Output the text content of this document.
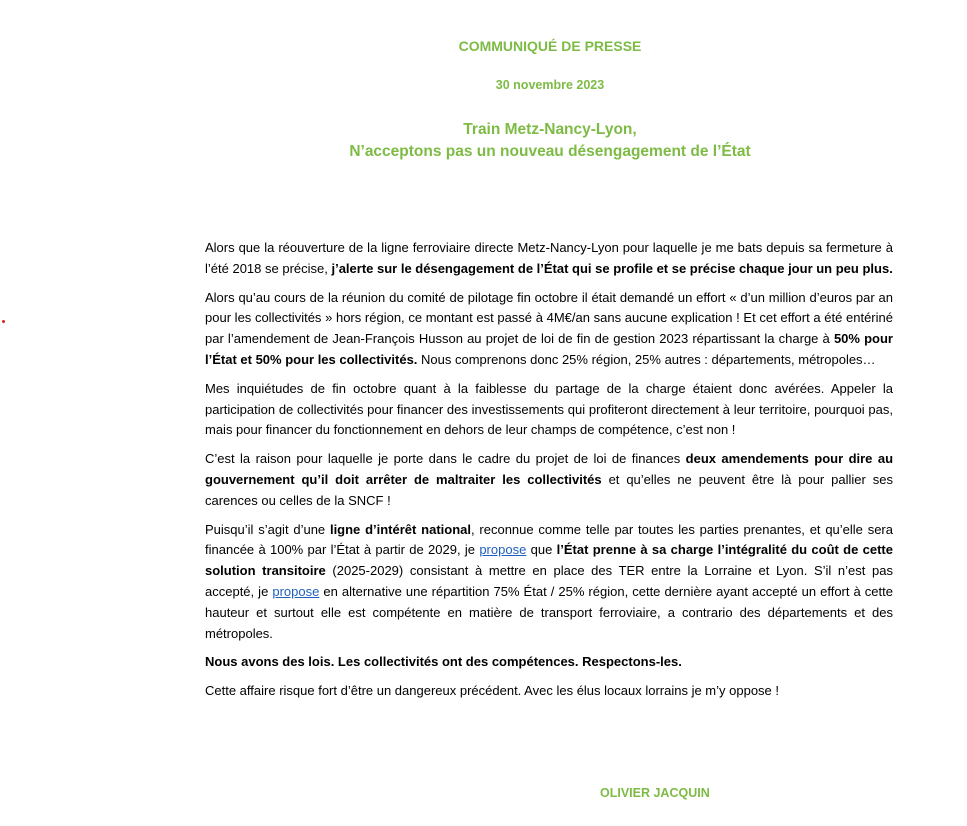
COMMUNIQUÉ DE PRESSE
30 novembre 2023
Train Metz-Nancy-Lyon,
N’acceptons pas un nouveau désengagement de l’État

Alors que la réouverture de la ligne ferroviaire directe Metz-Nancy-Lyon pour laquelle je me bats depuis sa fermeture à l’été 2018 se précise, j’alerte sur le désengagement de l’État qui se profile et se précise chaque jour un peu plus.

Alors qu’au cours de la réunion du comité de pilotage fin octobre il était demandé un effort « d’un million d’euros par an pour les collectivités » hors région, ce montant est passé à 4M€/an sans aucune explication ! Et cet effort a été entériné par l’amendement de Jean-François Husson au projet de loi de fin de gestion 2023 répartissant la charge à 50% pour l’État et 50% pour les collectivités. Nous comprenons donc 25% région, 25% autres : départements, métropoles…

Mes inquiétudes de fin octobre quant à la faiblesse du partage de la charge étaient donc avérées. Appeler la participation de collectivités pour financer des investissements qui profiteront directement à leur territoire, pourquoi pas, mais pour financer du fonctionnement en dehors de leur champs de compétence, c’est non !

C’est la raison pour laquelle je porte dans le cadre du projet de loi de finances deux amendements pour dire au gouvernement qu’il doit arrêter de maltraiter les collectivités et qu’elles ne peuvent être là pour pallier ses carences ou celles de la SNCF !

Puisqu’il s’agit d’une ligne d’intérêt national, reconnue comme telle par toutes les parties prenantes, et qu’elle sera financée à 100% par l’État à partir de 2029, je propose que l’État prenne à sa charge l’intégralité du coût de cette solution transitoire (2025-2029) consistant à mettre en place des TER entre la Lorraine et Lyon. S’il n’est pas accepté, je propose en alternative une répartition 75% État / 25% région, cette dernière ayant accepté un effort à cette hauteur et surtout elle est compétente en matière de transport ferroviaire, a contrario des départements et des métropoles.

Nous avons des lois. Les collectivités ont des compétences. Respectons-les.

Cette affaire risque fort d’être un dangereux précédent. Avec les élus locaux lorrains je m’y oppose !

OLIVIER JACQUIN
